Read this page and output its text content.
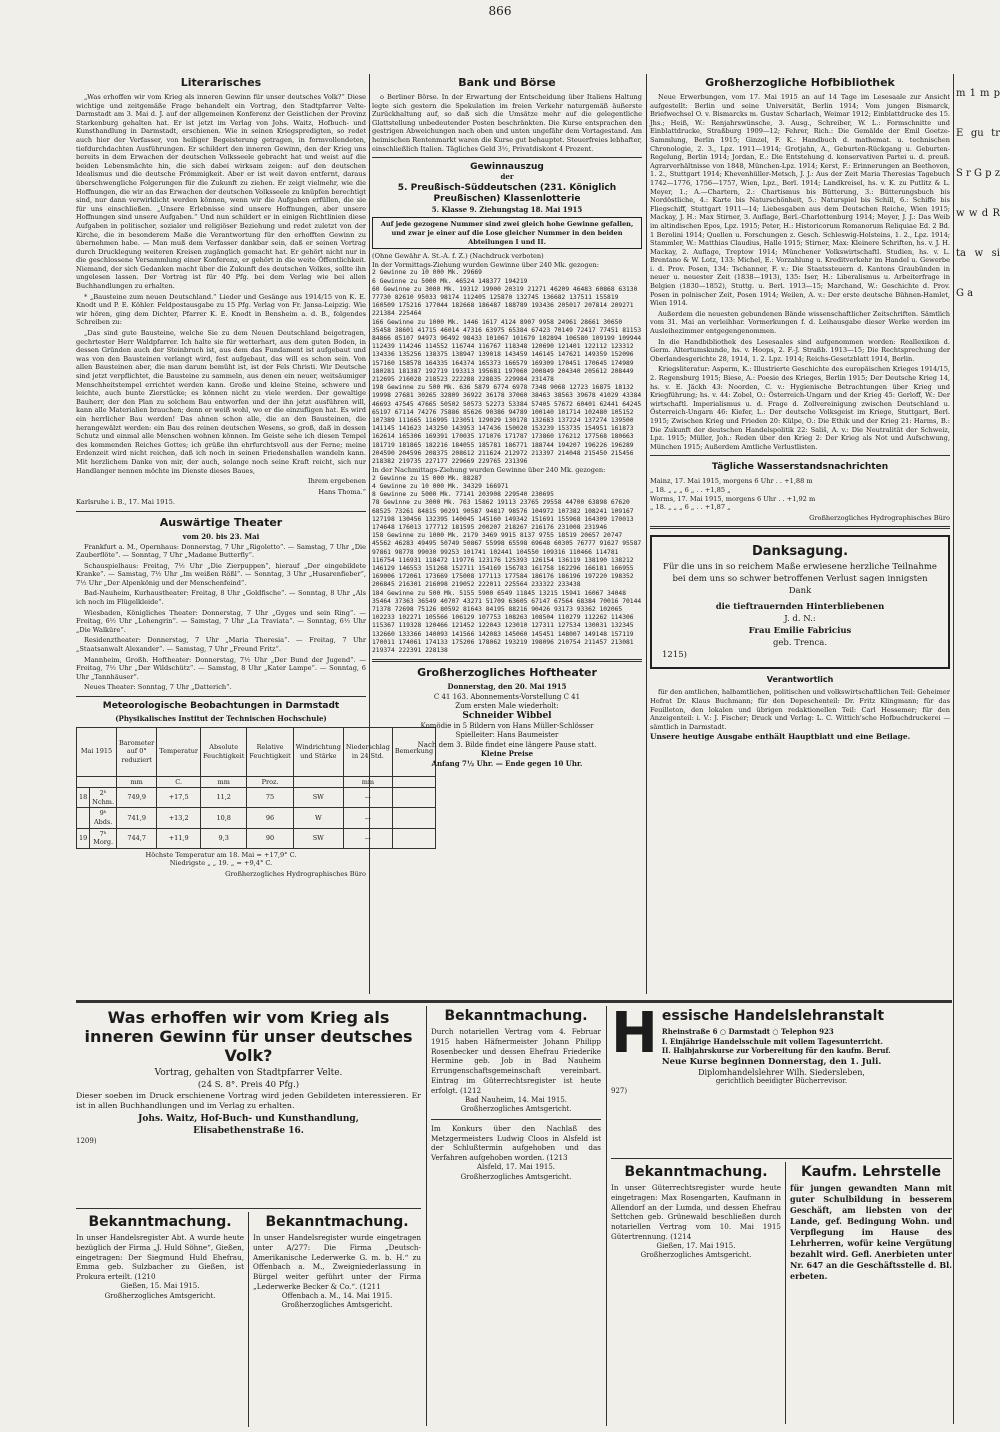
866
Literarisches

„Was erhoffen wir vom Krieg als inneren Gewinn für unser deutsches Volk?“ Diese wichtige und zeitgemäße Frage behandelt ein Vortrag, den Stadtpfarrer Velte-Darmstadt am 3. Mai d. J. auf der allgemeinen Konferenz der Geistlichen der Provinz Starkenburg gehalten hat. Er ist jetzt im Verlag von Johs. Waitz, Hofbuch- und Kunsthandlung in Darmstadt, erschienen. Wie in seinen Kriegspredigten, so redet auch hier der Verfasser, von heiliger Begeisterung getragen, in formvollendeten, tiefdurchdachten Ausführungen. Er schildert den inneren Gewinn, den der Krieg uns bereits in dem Erwachen der deutschen Volksseele gebracht hat und weist auf die beiden Lebensmächte hin, die sich dabei wirksam zeigen: auf den deutschen Idealismus und die deutsche Frömmigkeit. Aber er ist weit davon entfernt, daraus überschwengliche Folgerungen für die Zukunft zu ziehen. Er zeigt vielmehr, wie die Hoffnungen, die wir an das Erwachen der deutschen Volksseele zu knüpfen berechtigt sind, nur dann verwirklicht werden können, wenn wir die Aufgaben erfüllen, die sie für uns einschließen. „Unsere Erlebnisse sind unsere Hoffnungen, aber unsere Hoffnungen sind unsere Aufgaben.“ Und nun schildert er in einigen Richtlinien diese Aufgaben in politischer, sozialer und religiöser Beziehung und redet zuletzt von der Kirche, die in besonderem Maße die Verantwortung für den erhofften Gewinn zu übernehmen habe. — Man muß dem Verfasser dankbar sein, daß er seinen Vortrag durch Drucklegung weiteren Kreisen zugänglich gemacht hat. Er gehört nicht nur in die geschlossene Versammlung einer Konferenz, er gehört in die weite Öffentlichkeit. Niemand, der sich Gedanken macht über die Zukunft des deutschen Volkes, sollte ihn ungelesen lassen. Der Vortrag ist für 40 Pfg. bei dem Verlag wie bei allen Buchhandlungen zu erhalten.

* „Bausteine zum neuen Deutschland.“ Lieder und Gesänge aus 1914/15 von K. E. Knodt und P. E. Köhler. Feldpostausgabe zu 15 Pfg. Verlag von Fr. Jansa-Leipzig. Wie wir hören, ging dem Dichter, Pfarrer K. E. Knodt in Bensheim a. d. B., folgendes Schreiben zu:

„Das sind gute Bausteine, welche Sie zu dem Neuen Deutschland beigetragen, gechrtester Herr Waldpfarrer. Ich halte sie für wetterhart, aus dem guten Boden, in dessen Gründen auch der Steinbruch ist, aus dem das Fundament ist aufgebaut und was von den Bausteinen verlangt wird, fest aufgebaut, das will es schon sein. Von allen Bausteinen aber, die man darum bemüht ist, ist der Fels Christi. Wir Deutsche sind jetzt verpflichtet, die Bausteine zu sammeln, aus denen ein neuer, weitsäumiger Menschheitstempel errichtet werden kann. Große und kleine Steine, schwere und leichte, auch bunte Zierstücke; es können nicht zu viele werden. Der gewaltige Bauherr, der den Plan zu solchem Bau entworfen und der ihn jetzt ausführen will, kann alle Materialien brauchen; denn er weiß wohl, wo er die einzufügen hat. Es wird ein herrlicher Bau werden! Das ahnen schon alle, die an den Bausteinen, die herangewälzt werden: ein Bau des reinen deutschen Wesens, so groß, daß in dessen Schutz und einmal alle Menschen wohnen können. Im Geiste sehe ich diesen Tempel des kommenden Reiches Gottes; ich grüße ihn ehrfurchtsvoll aus der Ferne; meine Erdenzeit wird nicht reichen, daß ich noch in seinen Friedenshallen wandeln kann. Mit herzlichem Danke von mir, der auch, solange noch seine Kraft reicht, sich nur Handlanger nennen möchte im Dienste dieses Baues,

Ihrem ergebenen
Hans Thoma.“
Karlsruhe i. B., 17. Mai 1915.
Auswärtige Theater
vom 20. bis 23. Mai

Frankfurt a. M., Opernhaus: Donnerstag, 7 Uhr „Rigoletto“. — Samstag, 7 Uhr „Die Zauberflöte“. — Sonntag, 7 Uhr „Madame Butterfly“.

Schauspielhaus: Freitag, 7½ Uhr „Die Zierpuppen“, hierauf „Der eingebildete Kranke“. — Samstag, 7½ Uhr „Im weißen Rößl“. — Sonntag, 3 Uhr „Husarenfieber“, 7½ Uhr „Der Alpenkönig und der Menschenfeind“.

Bad-Nauheim, Kurhaustheater: Freitag, 8 Uhr „Goldfische“. — Sonntag, 8 Uhr „Als ich noch im Flügelkleide“.

Wiesbaden, Königliches Theater: Donnerstag, 7 Uhr „Gyges und sein Ring“. — Freitag, 6½ Uhr „Lohengrin“. — Samstag, 7 Uhr „La Traviata“. — Sonntag, 6½ Uhr „Die Walküre“.

Residenztheater: Donnerstag, 7 Uhr „Maria Theresia“. — Freitag, 7 Uhr „Staatsanwalt Alexander“. — Samstag, 7 Uhr „Freund Fritz“.

Mannheim, Großh. Hoftheater: Donnerstag, 7½ Uhr „Der Bund der Jugend“. — Freitag, 7½ Uhr „Der Wildschütz“. — Samstag, 8 Uhr „Kater Lampe“. — Sonntag, 6 Uhr „Tannhäuser“.

Neues Theater: Sonntag, 7 Uhr „Datterich“.

Meteorologische Beobachtungen in Darmstadt
(Physikalisches Institut der Technischen Hochschule)
Mai 1915		Barometer auf 0° reduziert	Temperatur	Absolute Feuchtigkeit	Relative Feuchtigkeit	Windrichtung und Stärke	Niederschlag in 24 Std.	Bemerkung
		mm	C.	mm	Proz.		mm	
18	2ʰ Nchm.	749,9	+17,5	11,2	75	SW	—	
	9ʰ Abds.	741,9	+13,2	10,8	96	W	—	
19	7ʰ Morg.	744,7	+11,9	9,3	90	SW	—	
Höchste Temperatur am 18. Mai = +17,9° C.
Niedrigste „ „ 19. „ = +9,4° C.
Großherzogliches Hydrographisches Büro
Bank und Börse

o Berliner Börse. In der Erwartung der Entscheidung über Italiens Haltung legte sich gestern die Spekulation im freien Verkehr naturgemäß äußerste Zurückhaltung auf, so daß sich die Umsätze mehr auf die gelegentliche Glattstellung unbedeutender Posten beschränkten. Die Kurse entsprachen den gestrigen Abweichungen nach oben und unten ungefähr dem Vortagestand. Am heimischen Rentenmarkt waren die Kurse gut behauptet. Steuerfreies lebhafter, einschließlich Italien. Tägliches Geld 3½, Privatdiskont 4 Prozent.

Gewinnauszug
der
5. Preußisch-Süddeutschen (231. Königlich Preußischen) Klassenlotterie
5. Klasse 9. Ziehungstag 18. Mai 1915
Auf jede gezogene Nummer sind zwei gleich hohe Gewinne gefallen, und zwar je einer auf die Lose gleicher Nummer in den beiden Abteilungen I und II.
(Ohne Gewähr A. St.-A. f. Z.) (Nachdruck verboten)
In der Vormittags-Ziehung wurden Gewinne über 240 Mk. gezogen:
2 Gewinne zu 10 000 Mk. 29669
6 Gewinne zu 5000 Mk. 46524 148377 194219
60 Gewinne zu 3000 Mk. 19312 19900 20319 21271 46209 46483 60868 63130 77730 82610 95033 98174 112405 125870 132745 136682 137511 155819 160509 175216 177044 182668 186487 188789 193436 205017 207814 209271 221384 225464
166 Gewinne zu 1000 Mk. 1446 1617 4124 8907 9958 24961 28661 30650 35458 38601 41715 46014 47316 63975 65384 67423 70149 72417 77451 81153 84866 85107 94973 96492 98433 101067 101679 102894 106580 109199 109944 112439 114246 114552 116744 116767 118348 120690 121401 122112 123312 134336 135256 138375 138947 139018 143459 146145 147621 149359 152096 157160 158578 164335 164374 165373 166579 169309 170451 170645 174989 180281 181387 192719 193313 195681 197060 200849 204340 205612 208449 212695 216028 218523 222288 228835 229984 231478
198 Gewinne zu 500 Mk. 636 5879 6774 6978 7348 9068 12723 16875 18132 19998 27681 30265 32809 36922 36178 37060 38463 38563 39678 41029 43384 46693 47545 47665 50502 50573 52273 53384 57405 57672 60401 62441 64245 65197 67114 74276 75886 85626 90386 94789 100140 101714 102480 105152 107389 111665 116995 123051 129029 130178 132683 137224 137274 139500 141145 141623 143250 143953 147436 150020 153239 153735 154951 161873 162614 165306 169391 170035 171076 171787 173860 176212 177568 180663 181719 181865 182216 184055 185781 186771 188744 194207 196226 196289 204590 204596 208375 208612 211624 212972 213397 214048 215450 215456 218382 219735 227177 229669 229765 231396
In der Nachmittags-Ziehung wurden Gewinne über 240 Mk. gezogen:
2 Gewinne zu 15 000 Mk. 88287
4 Gewinne zu 10 000 Mk. 34329 166971
8 Gewinne zu 5000 Mk. 77141 203908 229540 230695
78 Gewinne zu 3000 Mk. 763 15862 19113 23765 29558 44700 63898 67620 68525 73261 84815 90291 90587 94817 98576 104972 107382 108241 109167 127198 130456 132395 140045 145160 149342 151691 155968 164309 170013 174648 176013 177712 181595 200207 218267 216176 231008 231946
158 Gewinne zu 1000 Mk. 2179 3469 9915 8137 9755 18519 20657 20747 45562 46283 49495 50749 50867 55998 65598 69648 60305 76777 91627 95587 97861 98778 99030 99253 101741 102441 104550 109316 110466 114781 116754 116931 118472 119776 123176 125393 126154 136119 138190 138212 146129 146553 151268 152711 154169 156783 161758 162296 166181 166955 169006 172061 173669 175008 177113 177584 186176 186196 197220 198352 206845 216301 216098 219052 222011 225564 233322 233438
184 Gewinne zu 500 Mk. 5155 5900 6549 11845 13215 15941 16067 34048 35464 37363 36549 40707 43271 51709 63605 67147 67564 68384 70016 70144 71378 72698 75126 80592 81643 84195 88216 90426 93173 93362 102065 102233 102271 105566 106129 107753 108263 108504 110279 112262 114306 115367 119328 120466 121452 122043 123010 127311 127534 130031 132345 132660 133366 140093 141566 142083 145060 145451 148007 149148 157119 170011 174061 174133 175206 178062 193219 198096 210754 211457 213081 219374 222391 228138
Großherzogliches Hoftheater
Donnerstag, den 20. Mai 1915
C 41 163. Abonnements-Vorstellung C 41
Zum ersten Male wiederholt:
Schneider Wibbel
Komödie in 5 Bildern von Hans Müller-Schlösser
Spielleiter: Hans Baumeister
Nach dem 3. Bilde findet eine längere Pause statt.
Kleine Preise
Anfang 7½ Uhr. — Ende gegen 10 Uhr.
Großherzogliche Hofbibliothek

Neue Erwerbungen, vom 17. Mai 1915 an auf 14 Tage im Lesesaale zur Ansicht aufgestellt: Berlin und seine Universität, Berlin 1914; Vom jungen Bismarck, Briefwechsel O. v. Bismarcks m. Gustav Scharlach, Weimar 1912; Einblattdrucke des 15. Jhs.; Heiß, W.: Renjahrswünsche, 3. Ausg., Schreiber, W. L.: Formschnitte und Einblattdrucke, Straßburg 1909—12; Fehrer, Rich.: Die Gemälde der Emil Goetze-Sammlung, Berlin 1915; Ginzel, F. K.: Handbuch d. mathemat. u. technischen Chronologie, 2. 3., Lpz. 1911—1914; Grotjahn, A., Geburten-Rückgang u. Geburten-Regelung, Berlin 1914; Jordan, E.: Die Entstehung d. konservativen Partei u. d. preuß. Agrarverhältnisse von 1848, München-Lpz. 1914; Kerst, F.: Erinnerungen an Beethoven, 1. 2., Stuttgart 1914; Khevenhüller-Metsch, J. J.: Aus der Zeit Maria Theresias Tagebuch 1742—1776, 1756—1757, Wien, Lpz., Berl. 1914; Landkreisel, hs. v. K. zu Putlitz & L. Meyer, 1.; A.—Chartern, 2.: Chartismus bis Bütterung, 3.: Bütterungsbuch bis Nordöstliche, 4.: Karte bis Naturschönheit, 5.: Naturspiel bis Schill, 6.: Schiffe bis Fliegschiff, Stuttgart 1911—14; Liebesgaben aus dem Deutschen Reiche, Wien 1915; Mackay, J. H.: Max Stirner, 3. Auflage, Berl.-Charlottenburg 1914; Meyer, J. J.: Das Weib im altindischen Epos, Lpz. 1915; Peter, H.: Historicorum Romanorum Reliquiae Ed. 2 Bd. 1 Berolini 1914; Quellen u. Forschungen z. Gesch. Schleswig-Holsteins, 1. 2., Lpz. 1914; Stammler, W.: Matthias Claudius, Halle 1915; Stirner, Max: Kleinere Schriften, hs. v. J. H. Mackay, 2. Auflage, Treptow 1914; Münchener Volkswirtschaftl. Studien, hs. v. L. Brentano & W. Lotz, 133: Michel, E.: Vorzahlung u. Kreditverkehr im Handel u. Gewerbe i. d. Prov. Posen, 134: Tschanner, F. v.: Die Staatssteuern d. Kantons Graubünden in neuer u. neuester Zeit (1838—1913), 135: Iser, H.: Liberalismus u. Arbeiterfrage in Belgien (1830—1852), Stuttg. u. Berl. 1913—15; Marchand, W.: Geschichte d. Prov. Posen in polnischer Zeit, Posen 1914; Weilen, A. v.: Der erste deutsche Bühnen-Hamlet, Wien 1914.

Außerdem die neuesten gebundenen Bände wissenschaftlicher Zeitschriften. Sämtlich vom 31. Mai an verleihbar. Vormerkungen f. d. Leihausgabe dieser Werke werden im Ausleihezimmer entgegengenommen.

In die Handbibliothek des Lesesaales sind aufgenommen worden: Reallexikon d. Germ. Altertumskunde, hs. v. Hoops, 2. F.-J. Straßb. 1913—15; Die Rechtsprechung der Oberlandesgerichte 28, 1914, 1. 2. Lpz. 1914; Reichs-Gesetzblatt 1914, Berlin.

Kriegsliteratur: Asperm, K.: Illustrierte Geschichte des europäischen Krieges 1914/15, 2. Regensburg 1915; Biese, A.: Poesie des Krieges, Berlin 1915; Der Deutsche Krieg 14, hs. v. E. Jäckh 43: Noorden, C. v.: Hygienische Betrachtungen über Krieg und Kriegführung; hs. v. 44: Zobel, O.: Österreich-Ungarn und der Krieg 45: Gerloff, W.: Der wirtschaftl. Imperialismus u. d. Frage d. Zollvereinigung zwischen Deutschland u. Österreich-Ungarn 46: Kiefer, L.: Der deutsche Volksgeist im Kriege, Stuttgart, Berl. 1915; Zwischen Krieg und Frieden 20: Külpe, O.: Die Ethik und der Krieg 21: Harms, B.: Die Zukunft der deutschen Handelspolitik 22: Sališ, A. v.: Die Neutralität der Schweiz, Lpz. 1915; Müller, Joh.: Reden über den Krieg 2: Der Krieg als Not und Aufschwung, München 1915; Außerdem Amtliche Verlustlisten.

Tägliche Wasserstandsnachrichten
Mainz, 17. Mai 1915, morgens 6 Uhr . . +1,88 m
„ 18. „ „ „ 6 „ . . +1,85 „
Worms, 17. Mai 1915, morgens 6 Uhr . . +1,92 m
„ 18. „ „ „ 6 „ . . +1,87 „
Großherzogliches Hydrographisches Büro
Danksagung.
Für die uns in so reichem Maße erwiesene herzliche Teilnahme bei dem uns so schwer betroffenen Verlust sagen innigsten Dank
die tieftrauernden Hinterbliebenen
J. d. N.:
Frau Emilie Fabricius
geb. Trenca.
1215)
Verantwortlich

für den amtlichen, halbamtlichen, politischen und volkswirtschaftlichen Teil: Geheimer Hofrat Dr. Klaus Buchmann; für den Depeschenteil: Dr. Fritz Klingmann; für das Feuilleton, den lokalen und übrigen redaktionellen Teil: Carl Hessemer; für den Anzeigenteil: i. V.: J. Fischer; Druck und Verlag: L. C. Wittich'sche Hofbuchdruckerei — sämtlich in Darmstadt.

Unsere heutige Ausgabe enthält Hauptblatt und eine Beilage.
m 1 m p E gu tr S r G p z w w d R ta w si G a
Was erhoffen wir vom Krieg als inneren Gewinn für unser deutsches Volk?
Vortrag, gehalten von Stadtpfarrer Velte.
(24 S. 8°. Preis 40 Pfg.)
Dieser soeben im Druck erschienene Vortrag wird jeden Gebildeten interessieren. Er ist in allen Buchhandlungen und im Verlag zu erhalten.
Johs. Waitz, Hof-Buch- und Kunsthandlung,
Elisabethenstraße 16.
1209)
Bekanntmachung.
In unser Handelsregister Abt. A wurde heute bezüglich der Firma „J. Huld Söhne“, Gießen, eingetragen: Der Siegmund Huld Ehefrau, Emma geb. Sulzbacher zu Gießen, ist Prokura erteilt. (1210
Gießen, 15. Mai 1915.
Großherzogliches Amtsgericht.
Bekanntmachung.
In unser Handelsregister wurde eingetragen unter A/277: Die Firma „Deutsch-Amerikanische Lederwerke G. m. b. H.“ zu Offenbach a. M., Zweigniederlassung in Bürgel weiter geführt unter der Firma „Lederwerke Becker & Co.“. (1211
Offenbach a. M., 14. Mai 1915.
Großherzogliches Amtsgericht.
Bekanntmachung.
Durch notariellen Vertrag vom 4. Februar 1915 haben Häfnermeister Johann Philipp Rosenbecker und dessen Ehefrau Friederike Hermine geb. Job in Bad Nauheim Errungenschaftsgemeinschaft vereinbart. Eintrag im Güterrechtsregister ist heute erfolgt. (1212
Bad Nauheim, 14. Mai 1915.
Großherzogliches Amtsgericht.
Im Konkurs über den Nachlaß des Metzgermeisters Ludwig Cloos in Alsfeld ist der Schlußtermin aufgehoben und das Verfahren aufgehoben worden. (1213
Alsfeld, 17. Mai 1915.
Großherzogliches Amtsgericht.
H essische Handelslehranstalt
Rheinstraße 6 ○ Darmstadt ○ Telephon 923
I. Einjährige Handelsschule mit vollem Tagesunterricht.
II. Halbjahrskurse zur Vorbereitung für den kaufm. Beruf.
Neue Kurse beginnen Donnerstag, den 1. Juli.
Diplomhandelslehrer Wilh. Siedersleben,
gerichtlich beeidigter Bücherrevisor.
927)
Bekanntmachung.
In unser Güterrechtsregister wurde heute eingetragen: Max Rosengarten, Kaufmann in Allendorf an der Lumda, und dessen Ehefrau Settchen geb. Grünewald beschließen durch notariellen Vertrag vom 10. Mai 1915 Gütertrennung. (1214
Gießen, 17. Mai 1915.
Großherzogliches Amtsgericht.
Kaufm. Lehrstelle
für jungen gewandten Mann mit guter Schulbildung in besserem Geschäft, am liebsten von der Lande, gef. Bedingung Wohn. und Verpflegung im Hause des Lehrherren, wofür keine Vergütung bezahlt wird. Gefl. Anerbieten unter Nr. 647 an die Geschäftsstelle d. Bl. erbeten.
